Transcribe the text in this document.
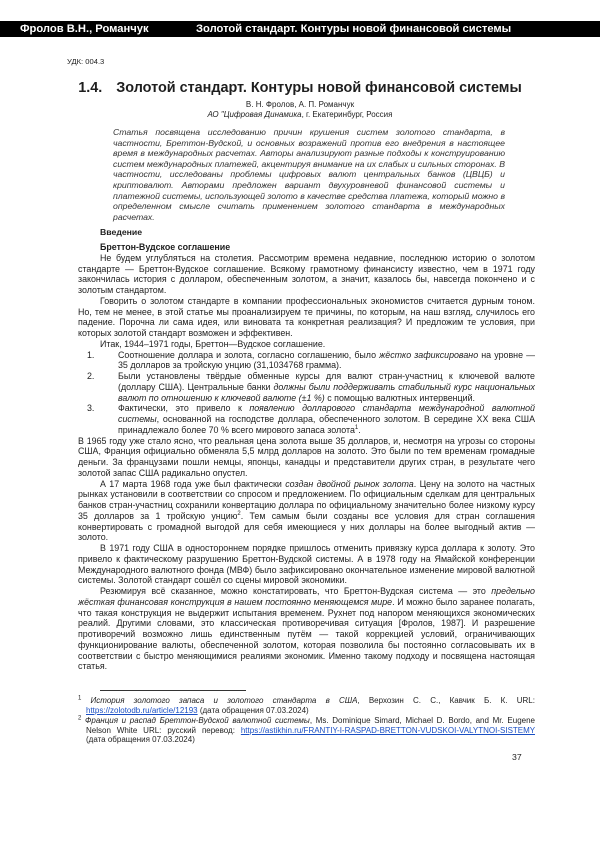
Фролов В.Н., Романчук	Золотой стандарт. Контуры новой финансовой системы
УДК: 004.3
1.4. Золотой стандарт. Контуры новой финансовой системы
В. Н. Фролов, А. П. Романчук
АО "Цифровая Динамика, г. Екатеринбург, Россия
Статья посвящена исследованию причин крушения систем золотого стандарта, в частности, Бреттон-Вудской, и основных возражений против его внедрения в настоящее время в международных расчетах. Авторы анализируют разные подходы к конструированию систем международных платежей, акцентируя внимание на их слабых и сильных сторонах. В частности, исследованы проблемы цифровых валют центральных банков (ЦВЦБ) и криптовалют. Авторами предложен вариант двухуровневой финансовой системы и платежной системы, использующей золото в качестве средства платежа, который можно в определенном смысле считать применением золотого стандарта в международных расчетах.
Введение
Бреттон-Вудское соглашение

Не будем углубляться на столетия. Рассмотрим времена недавние, последнюю историю о золотом стандарте — Бреттон-Вудское соглашение. Всякому грамотному финансисту известно, чем в 1971 году закончилась история с долларом, обеспеченным золотом, а значит, казалось бы, навсегда покончено и с золотым стандартом.

Говорить о золотом стандарте в компании профессиональных экономистов считается дурным тоном. Но, тем не менее, в этой статье мы проанализируем те причины, по которым, на наш взгляд, случилось его падение. Порочна ли сама идея, или виновата та конкретная реализация? И предложим те условия, при которых золотой стандарт возможен и эффективен.

Итак, 1944–1971 годы, Бреттон—Вудское соглашение.

1.	Соотношение доллара и золота, согласно соглашению, было жёстко зафиксировано на уровне — 35 долларов за тройскую унцию (31,1034768 грамма).
2.	Были установлены твёрдые обменные курсы для валют стран-участниц к ключевой валюте (доллару США). Центральные банки должны были поддерживать стабильный курс национальных валют по отношению к ключевой валюте (±1 %) с помощью валютных интервенций.
3.	Фактически, это привело к появлению долларового стандарта международной валютной системы, основанной на господстве доллара, обеспеченного золотом. В середине XX века США принадлежало более 70 % всего мирового запаса золота1.

В 1965 году уже стало ясно, что реальная цена золота выше 35 долларов, и, несмотря на угрозы со стороны США, Франция официально обменяла 5,5 млрд долларов на золото. Это были по тем временам громадные деньги. За французами пошли немцы, японцы, канадцы и представители других стран, в результате чего золотой запас США радикально опустел.

А 17 марта 1968 года уже был фактически создан двойной рынок золота. Цену на золото на частных рынках установили в соответствии со спросом и предложением. По официальным сделкам для центральных банков стран-участниц сохранили конвертацию доллара по официальному значительно более низкому курсу 35 долларов за 1 тройскую унцию2. Тем самым были созданы все условия для стран соглашения конвертировать с громадной выгодой для себя имеющиеся у них доллары на более выгодный актив — золото.

В 1971 году США в одностороннем порядке пришлось отменить привязку курса доллара к золоту. Это привело к фактическому разрушению Бреттон-Вудской системы. А в 1978 году на Ямайской конференции Международного валютного фонда (МВФ) было зафиксировано окончательное изменение мировой валютной системы. Золотой стандарт сошёл со сцены мировой экономики.

Резюмируя всё сказанное, можно констатировать, что Бреттон-Вудская система — это предельно жёсткая финансовая конструкция в нашем постоянно меняющемся мире. И можно было заранее полагать, что такая конструкция не выдержит испытания временем. Рухнет под напором меняющихся экономических реалий. Другими словами, это классическая противоречивая ситуация [Фролов, 1987]. И разрешение противоречий возможно лишь единственным путём — такой коррекцией условий, ограничивающих функционирование валюты, обеспеченной золотом, которая позволила бы постоянно согласовывать их в соответствии с быстро меняющимися реалиями экономик. Именно такому подходу и посвящена настоящая статья.

1 История золотого запаса и золотого стандарта в США, Верхозин С. С., Кавчик Б. К. URL: https://zolotodb.ru/article/12193 (дата обращения 07.03.2024)

2 Франция и распад Бреттон-Вудской валютной системы, Ms. Dominique Simard, Michael D. Bordo, and Mr. Eugene Nelson White URL: русский перевод: https://astikhin.ru/FRANTIY-I-RASPAD-BRETTON-VUDSKOI-VALYTNOI-SISTEMY (дата обращения 07.03.2024)

37
